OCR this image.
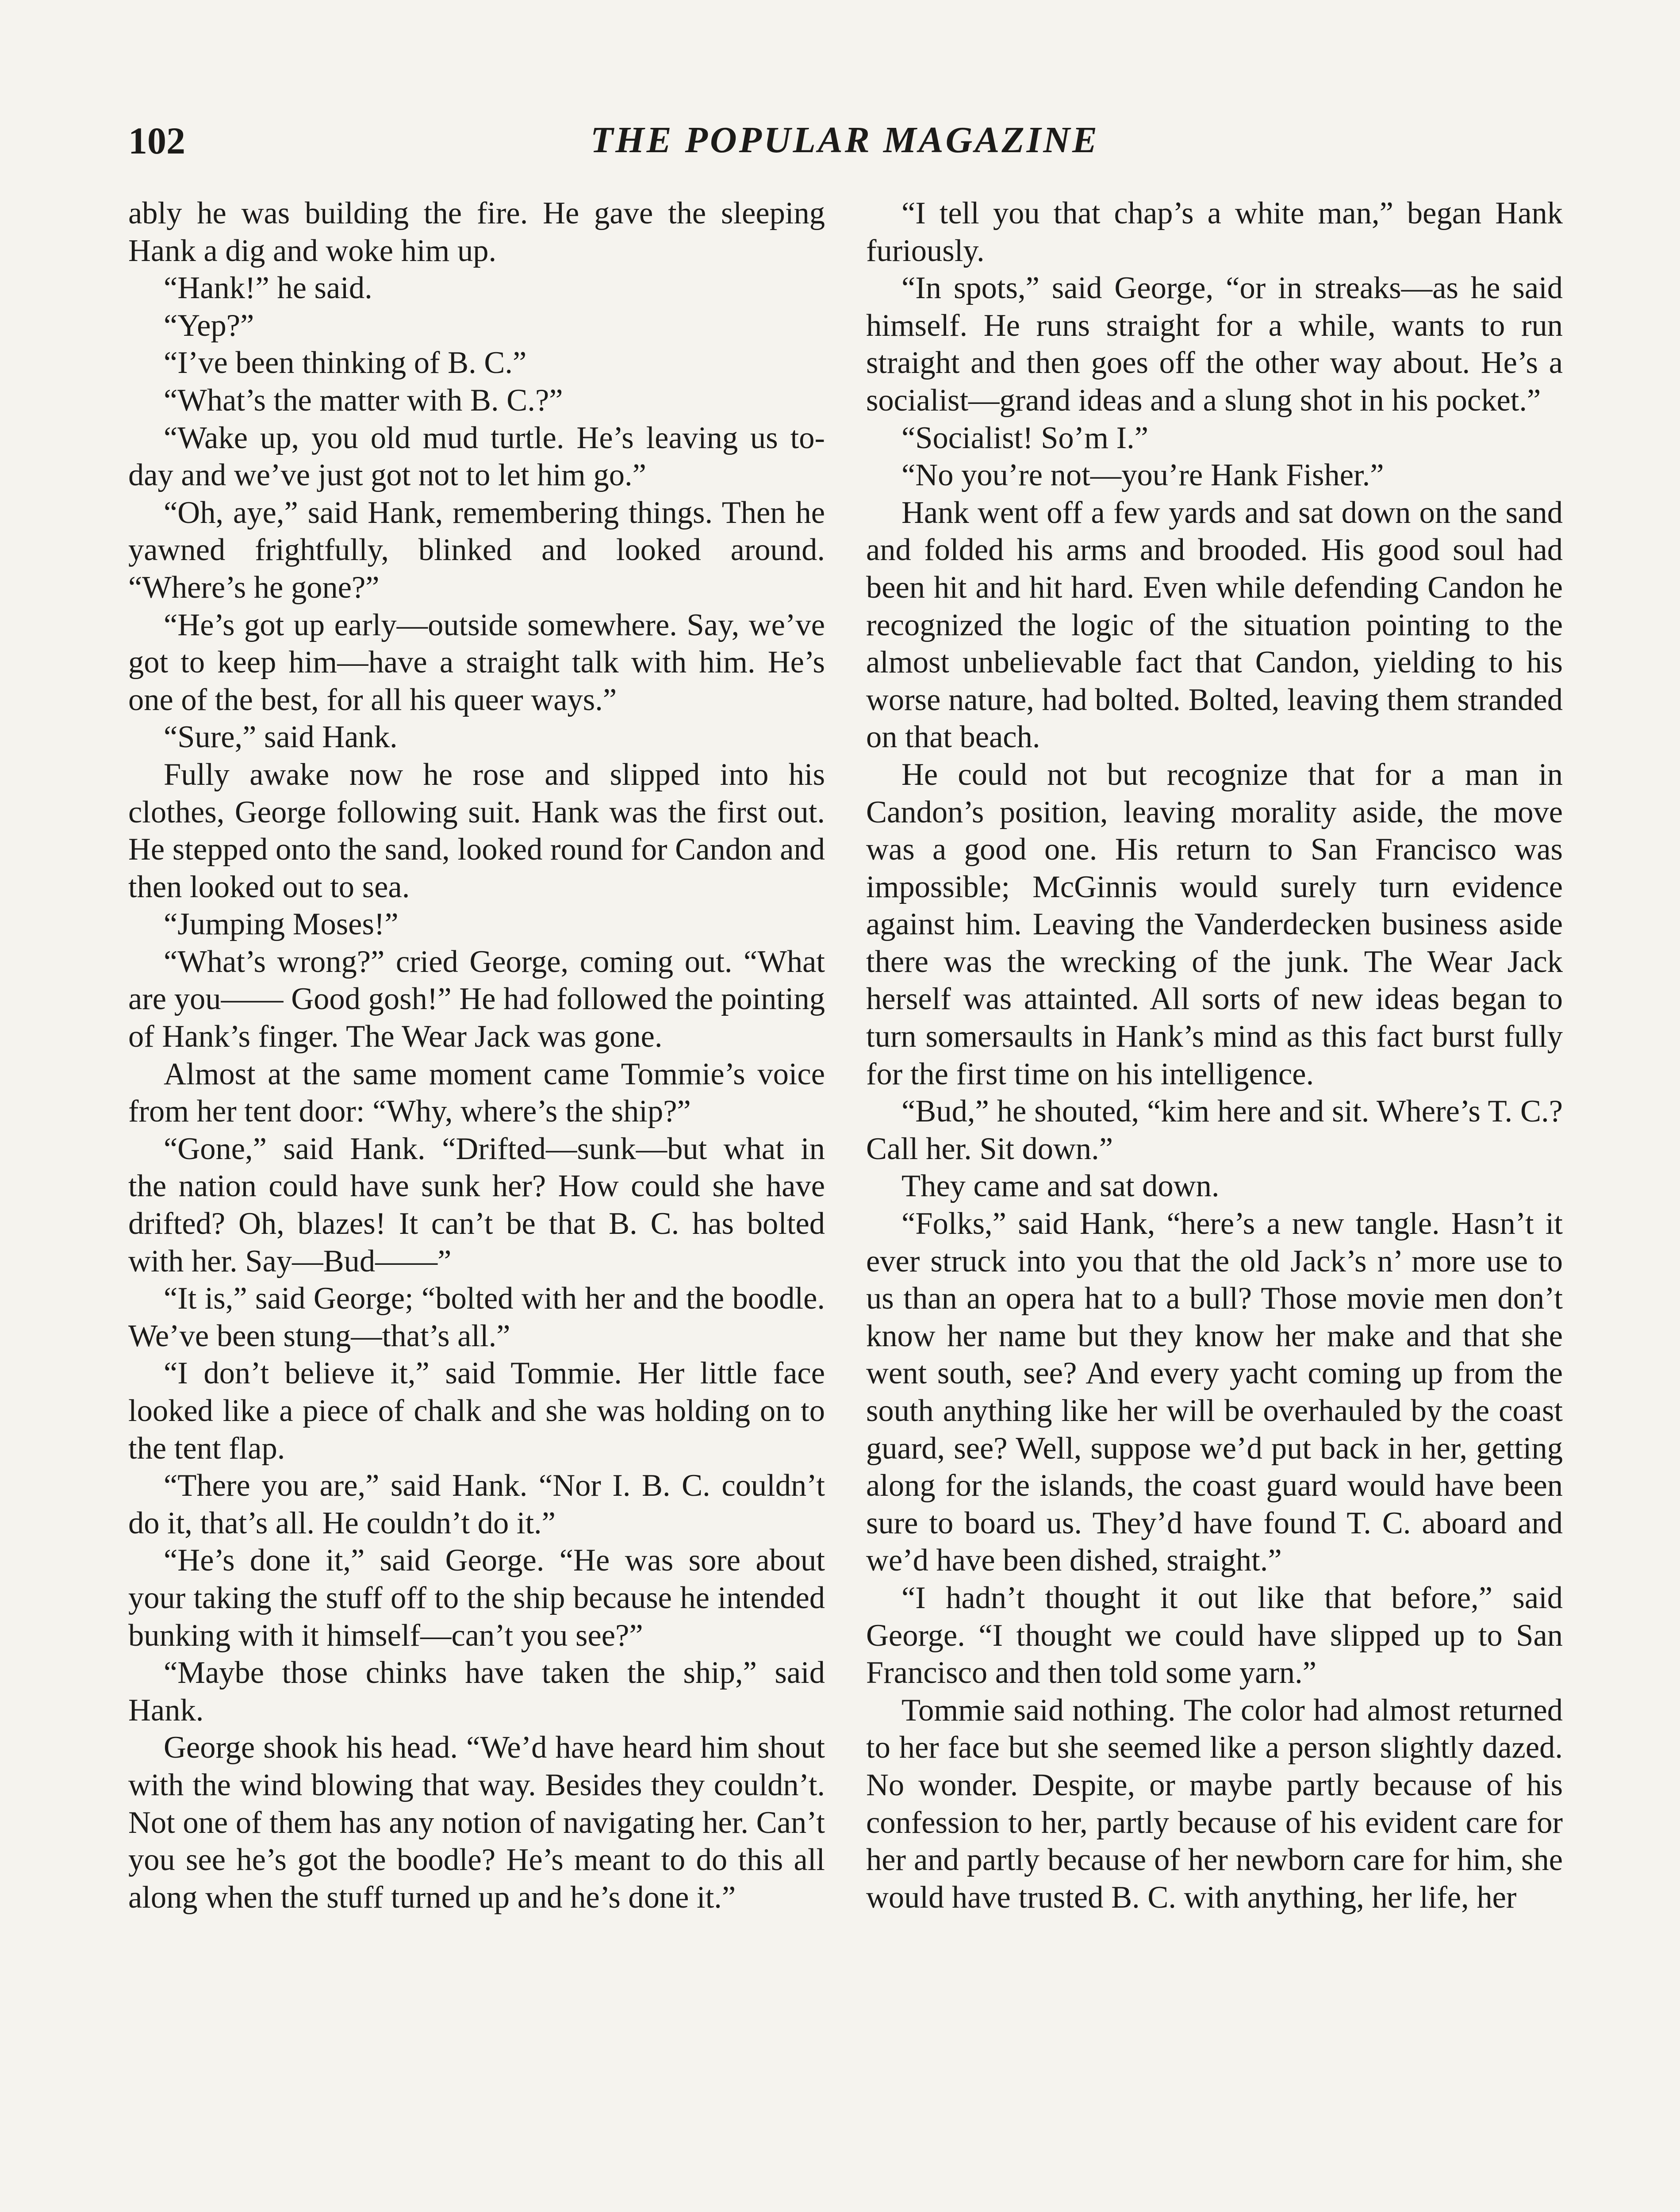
102	THE POPULAR MAGAZINE

ably he was building the fire. He gave the sleeping Hank a dig and woke him up.

“Hank!” he said.

“Yep?”

“I’ve been thinking of B. C.”

“What’s the matter with B. C.?”

“Wake up, you old mud turtle. He’s leaving us to-day and we’ve just got not to let him go.”

“Oh, aye,” said Hank, remembering things. Then he yawned frightfully, blinked and looked around. “Where’s he gone?”

“He’s got up early—outside somewhere. Say, we’ve got to keep him—have a straight talk with him. He’s one of the best, for all his queer ways.”

“Sure,” said Hank.

Fully awake now he rose and slipped into his clothes, George following suit. Hank was the first out. He stepped onto the sand, looked round for Candon and then looked out to sea.

“Jumping Moses!”

“What’s wrong?” cried George, coming out. “What are you—— Good gosh!” He had followed the pointing of Hank’s finger. The Wear Jack was gone.

Almost at the same moment came Tommie’s voice from her tent door: “Why, where’s the ship?”

“Gone,” said Hank. “Drifted—sunk—but what in the nation could have sunk her? How could she have drifted? Oh, blazes! It can’t be that B. C. has bolted with her. Say—Bud——”

“It is,” said George; “bolted with her and the boodle. We’ve been stung—that’s all.”

“I don’t believe it,” said Tommie. Her little face looked like a piece of chalk and she was holding on to the tent flap.

“There you are,” said Hank. “Nor I. B. C. couldn’t do it, that’s all. He couldn’t do it.”

“He’s done it,” said George. “He was sore about your taking the stuff off to the ship because he intended bunking with it himself—can’t you see?”

“Maybe those chinks have taken the ship,” said Hank.

George shook his head. “We’d have heard him shout with the wind blowing that way. Besides they couldn’t. Not one of them has any notion of navigating her. Can’t you see he’s got the boodle? He’s meant to do this all along when the stuff turned up and he’s done it.”

“I tell you that chap’s a white man,” began Hank furiously.

“In spots,” said George, “or in streaks—as he said himself. He runs straight for a while, wants to run straight and then goes off the other way about. He’s a socialist—grand ideas and a slung shot in his pocket.”

“Socialist! So’m I.”

“No you’re not—you’re Hank Fisher.”

Hank went off a few yards and sat down on the sand and folded his arms and brooded. His good soul had been hit and hit hard. Even while defending Candon he recognized the logic of the situation pointing to the almost unbelievable fact that Candon, yielding to his worse nature, had bolted. Bolted, leaving them stranded on that beach.

He could not but recognize that for a man in Candon’s position, leaving morality aside, the move was a good one. His return to San Francisco was impossible; McGinnis would surely turn evidence against him. Leaving the Vanderdecken business aside there was the wrecking of the junk. The Wear Jack herself was attainted. All sorts of new ideas began to turn somersaults in Hank’s mind as this fact burst fully for the first time on his intelligence.

“Bud,” he shouted, “kim here and sit. Where’s T. C.? Call her. Sit down.”

They came and sat down.

“Folks,” said Hank, “here’s a new tangle. Hasn’t it ever struck into you that the old Jack’s n’ more use to us than an opera hat to a bull? Those movie men don’t know her name but they know her make and that she went south, see? And every yacht coming up from the south anything like her will be overhauled by the coast guard, see? Well, suppose we’d put back in her, getting along for the islands, the coast guard would have been sure to board us. They’d have found T. C. aboard and we’d have been dished, straight.”

“I hadn’t thought it out like that before,” said George. “I thought we could have slipped up to San Francisco and then told some yarn.”

Tommie said nothing. The color had almost returned to her face but she seemed like a person slightly dazed. No wonder. Despite, or maybe partly because of his confession to her, partly because of his evident care for her and partly because of her newborn care for him, she would have trusted B. C. with anything, her life, her
